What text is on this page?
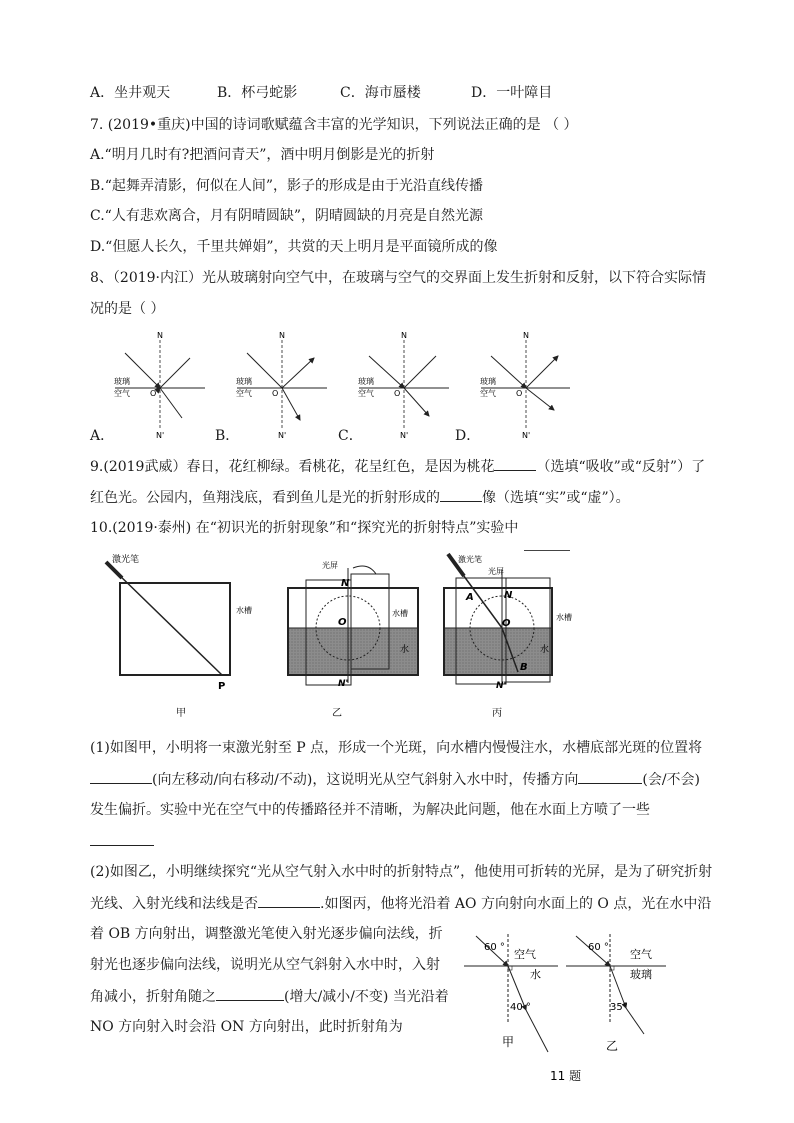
A．坐井观天	B．杯弓蛇影	C．海市蜃楼	D．一叶障目
7. (2019•重庆)中国的诗词歌赋蕴含丰富的光学知识，下列说法正确的是 （ ）
A.“明月几时有?把酒问青天”，酒中明月倒影是光的折射
B.“起舞弄清影，何似在人间”，影子的形成是由于光沿直线传播
C.“人有悲欢离合，月有阴晴圆缺”，阴晴圆缺的月亮是自然光源
D.“但愿人长久，千里共婵娟”，共赏的天上明月是平面镜所成的像
8、（2019·内江）光从玻璃射向空气中，在玻璃与空气的交界面上发生折射和反射，以下符合实际情
况的是（ ）
N
N'
玻璃
空气	O
N
N'
玻璃
空气	O
N
N'
玻璃
空气	O
N
N'
玻璃
空气	O
A．	B．	C．	D．
9.(2019武威）春日，花红柳绿。看桃花，花呈红色，是因为桃花	（选填“吸收”或“反射”）了
红色光。公园内，鱼翔浅底，看到鱼儿是光的折射形成的	像（选填“实”或“虚”）。
10.(2019·泰州) 在“初识光的折射现象”和“探究光的折射特点”实验中
激光笔
水槽
P
甲
光屏
N
O
N'
水槽
水
乙
激光笔
光屏
A	N
O
B
N'
水槽
水
丙
(1)如图甲，小明将一束激光射至 P 点，形成一个光斑，向水槽内慢慢注水，水槽底部光斑的位置将
(向左移动/向右移动/不动)，这说明光从空气斜射入水中时，传播方向	(会/不会)
发生偏折。实验中光在空气中的传播路径并不清晰，为解决此问题，他在水面上方喷了一些
(2)如图乙，小明继续探究“光从空气射入水中时的折射特点”，他使用可折转的光屏，是为了研究折射
光线、入射光线和法线是否	.如图丙，他将光沿着 AO 方向射向水面上的 O 点，光在水中沿
着 OB 方向射出，调整激光笔使入射光逐步偏向法线，折
射光也逐步偏向法线，说明光从空气斜射入水中时，入射
角减小，折射角随之	(增大/减小/不变) 当光沿着
NO 方向射入时会沿 ON 方向射出，此时折射角为
60 °
空气
水
40 °
甲
60 °
空气
玻璃
35°
乙
11 题
